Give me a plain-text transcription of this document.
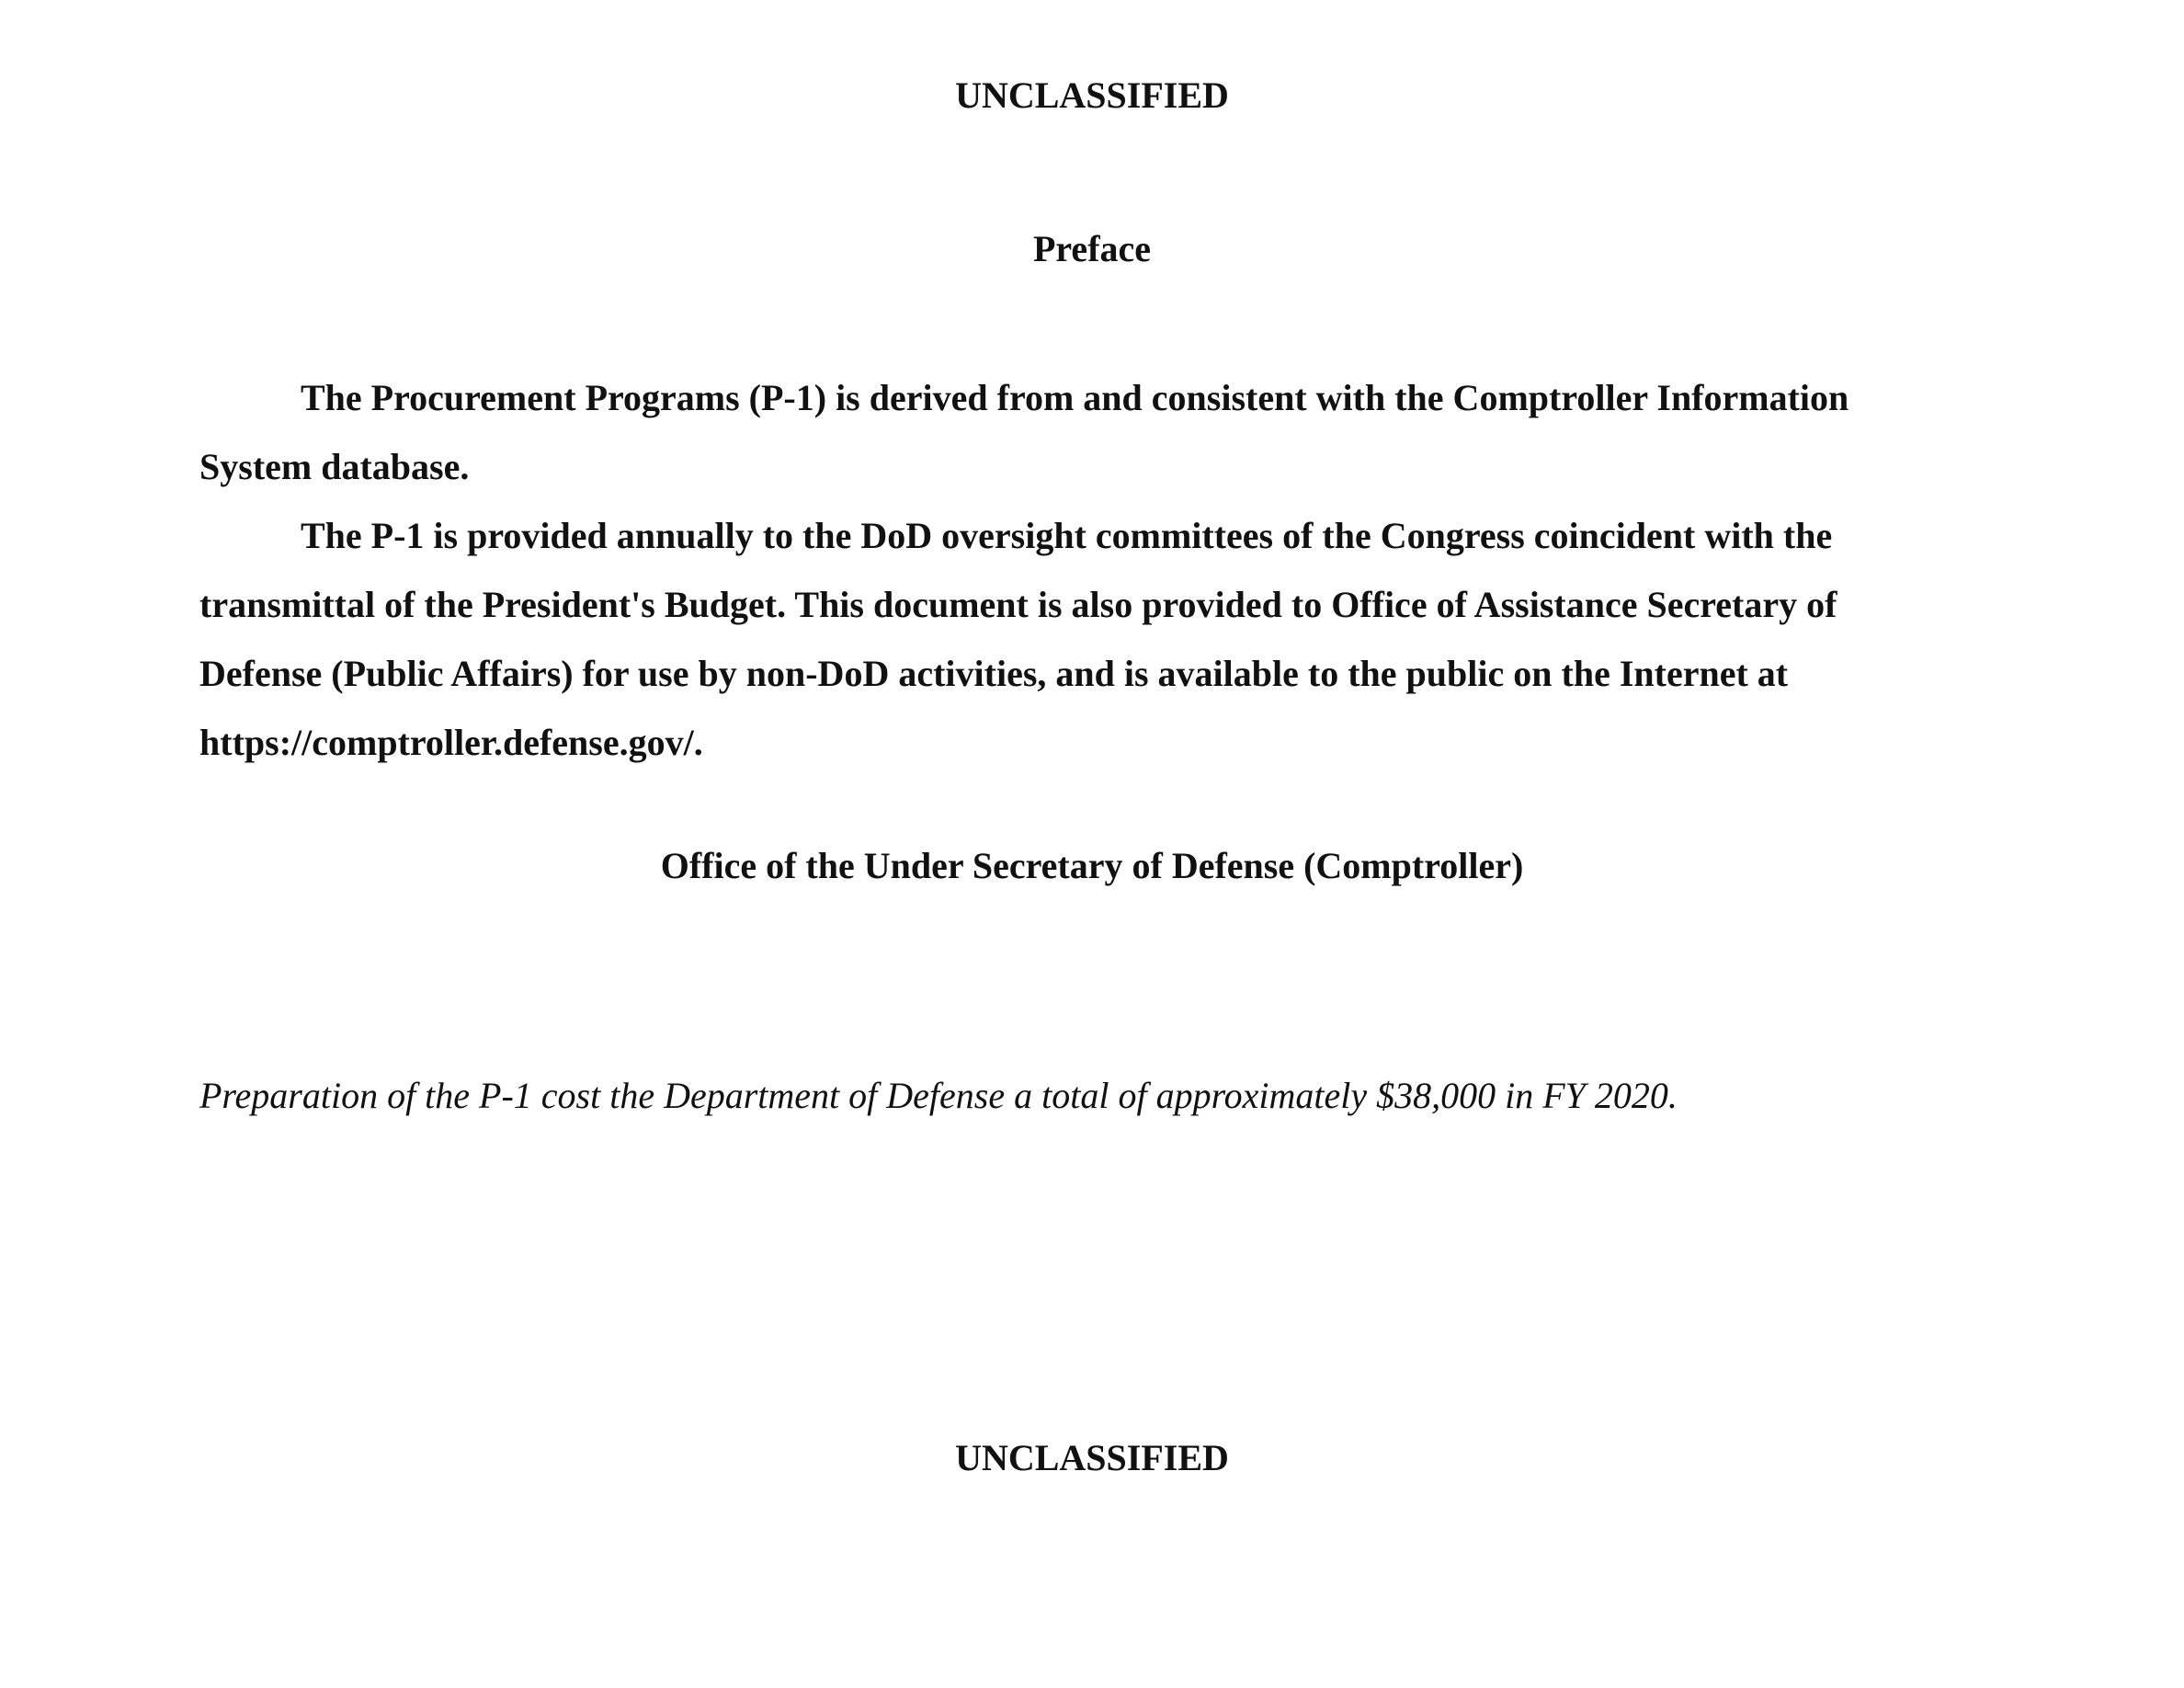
UNCLASSIFIED
Preface

The Procurement Programs (P-1) is derived from and consistent with the Comptroller Information System database.

The P-1 is provided annually to the DoD oversight committees of the Congress coincident with the transmittal of the President's Budget. This document is also provided to Office of Assistance Secretary of Defense (Public Affairs) for use by non-DoD activities, and is available to the public on the Internet at https://comptroller.defense.gov/.

Office of the Under Secretary of Defense (Comptroller)
Preparation of the P-1 cost the Department of Defense a total of approximately $38,000 in FY 2020.
UNCLASSIFIED
